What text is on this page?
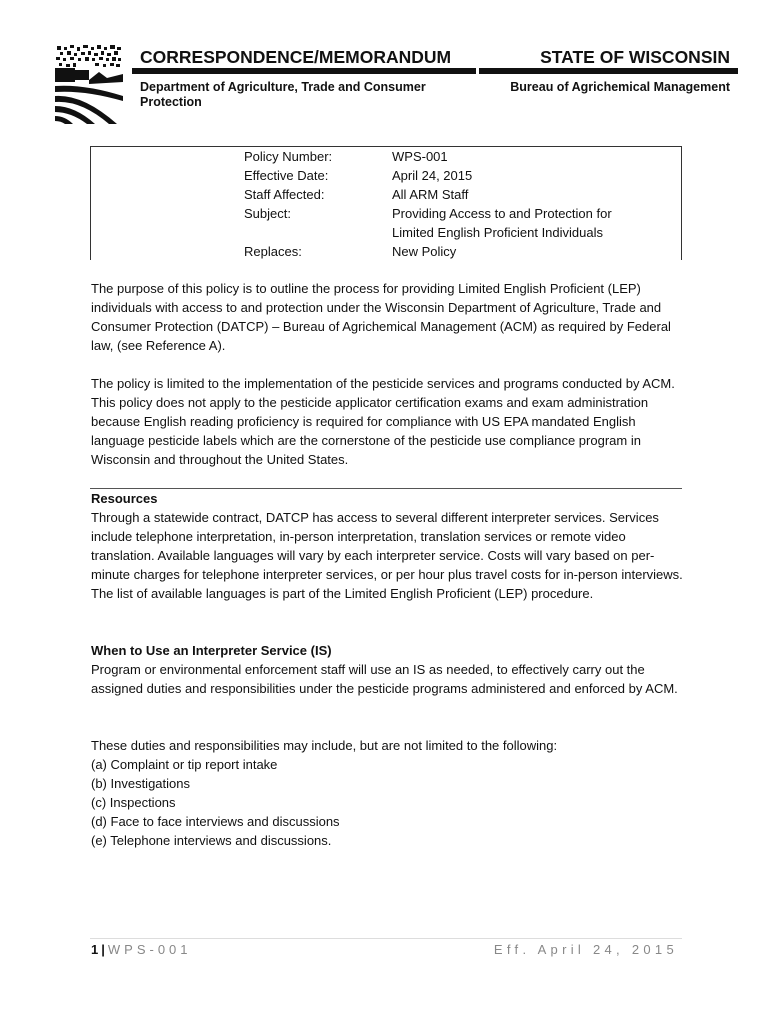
CORRESPONDENCE/MEMORANDUM	STATE OF WISCONSIN
Department of Agriculture, Trade and Consumer Protection
Bureau of Agrichemical Management
Policy Number:	WPS-001
Effective Date:	April 24, 2015
Staff Affected:	All ARM Staff
Subject:	Providing Access to and Protection for Limited English Proficient Individuals
Replaces:	New Policy

The purpose of this policy is to outline the process for providing Limited English Proficient (LEP) individuals with access to and protection under the Wisconsin Department of Agriculture, Trade and Consumer Protection (DATCP) – Bureau of Agrichemical Management (ACM) as required by Federal law, (see Reference A).

The policy is limited to the implementation of the pesticide services and programs conducted by ACM. This policy does not apply to the pesticide applicator certification exams and exam administration because English reading proficiency is required for compliance with US EPA mandated English language pesticide labels which are the cornerstone of the pesticide use compliance program in Wisconsin and throughout the United States.

Resources

Through a statewide contract, DATCP has access to several different interpreter services. Services include telephone interpretation, in-person interpretation, translation services or remote video translation. Available languages will vary by each interpreter service. Costs will vary based on per-minute charges for telephone interpreter services, or per hour plus travel costs for in-person interviews. The list of available languages is part of the Limited English Proficient (LEP) procedure.

When to Use an Interpreter Service (IS)

Program or environmental enforcement staff will use an IS as needed, to effectively carry out the assigned duties and responsibilities under the pesticide programs administered and enforced by ACM.

These duties and responsibilities may include, but are not limited to the following:

(a) Complaint or tip report intake

(b) Investigations

(c) Inspections

(d) Face to face interviews and discussions

(e) Telephone interviews and discussions.

1 | WPS-001	Eff. April 24, 2015
